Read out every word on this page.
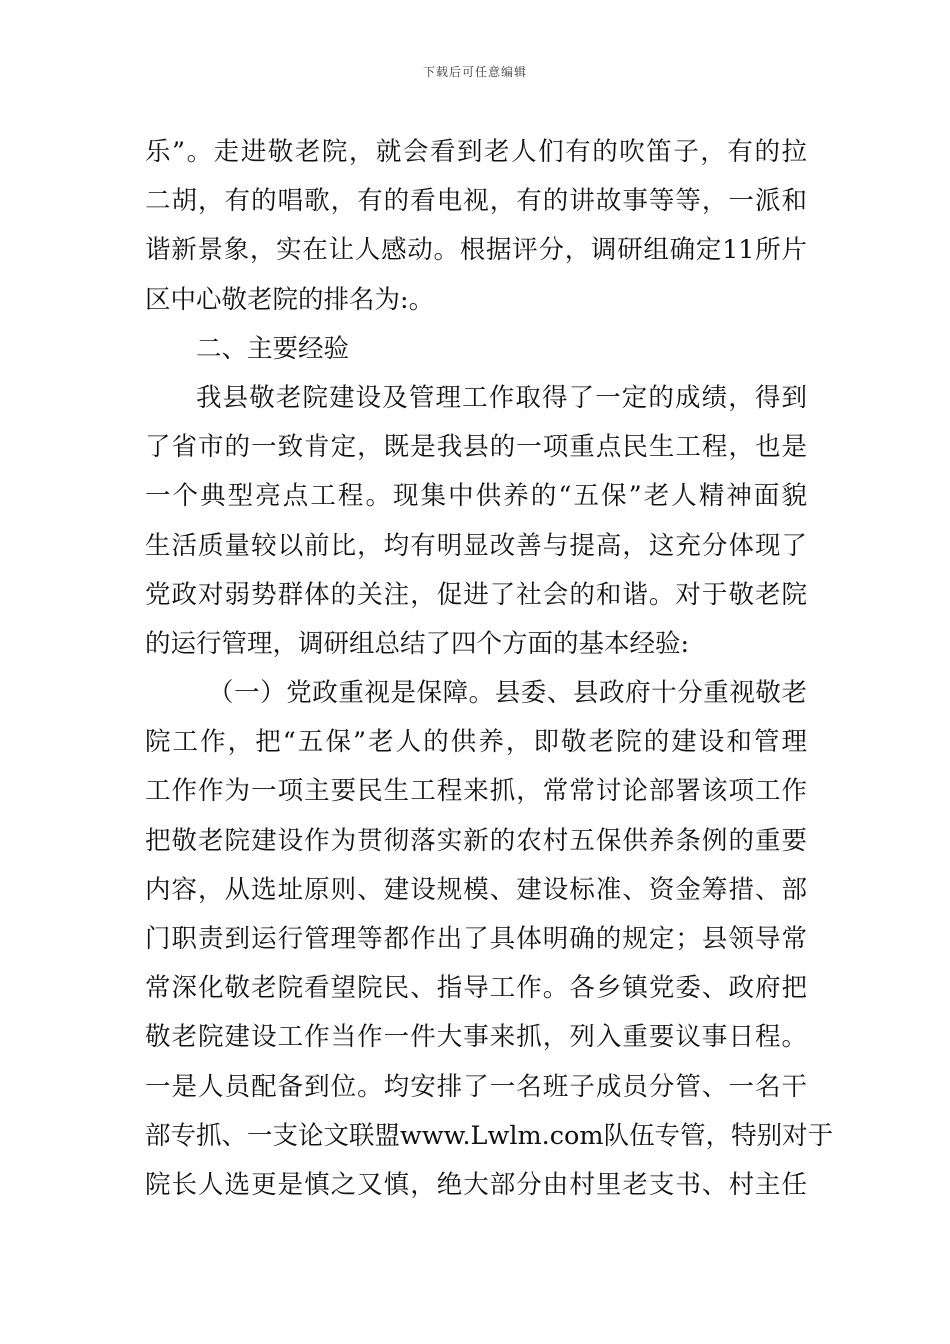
下载后可任意编辑
乐”。走进敬老院，就会看到老人们有的吹笛子，有的拉
二胡，有的唱歌，有的看电视，有的讲故事等等，一派和
谐新景象，实在让人感动。根据评分，调研组确定11所片
区中心敬老院的排名为:。
二、主要经验
我县敬老院建设及管理工作取得了一定的成绩，得到
了省市的一致肯定，既是我县的一项重点民生工程，也是
一个典型亮点工程。现集中供养的“五保”老人精神面貌
生活质量较以前比，均有明显改善与提高，这充分体现了
党政对弱势群体的关注，促进了社会的和谐。对于敬老院
的运行管理，调研组总结了四个方面的基本经验:
（一）党政重视是保障。县委、县政府十分重视敬老
院工作，把“五保”老人的供养，即敬老院的建设和管理
工作作为一项主要民生工程来抓，常常讨论部署该项工作
把敬老院建设作为贯彻落实新的农村五保供养条例的重要
内容，从选址原则、建设规模、建设标准、资金筹措、部
门职责到运行管理等都作出了具体明确的规定；县领导常
常深化敬老院看望院民、指导工作。各乡镇党委、政府把
敬老院建设工作当作一件大事来抓，列入重要议事日程。
一是人员配备到位。均安排了一名班子成员分管、一名干
部专抓、一支论文联盟www.Lwlm.com队伍专管，特别对于
院长人选更是慎之又慎，绝大部分由村里老支书、村主任
